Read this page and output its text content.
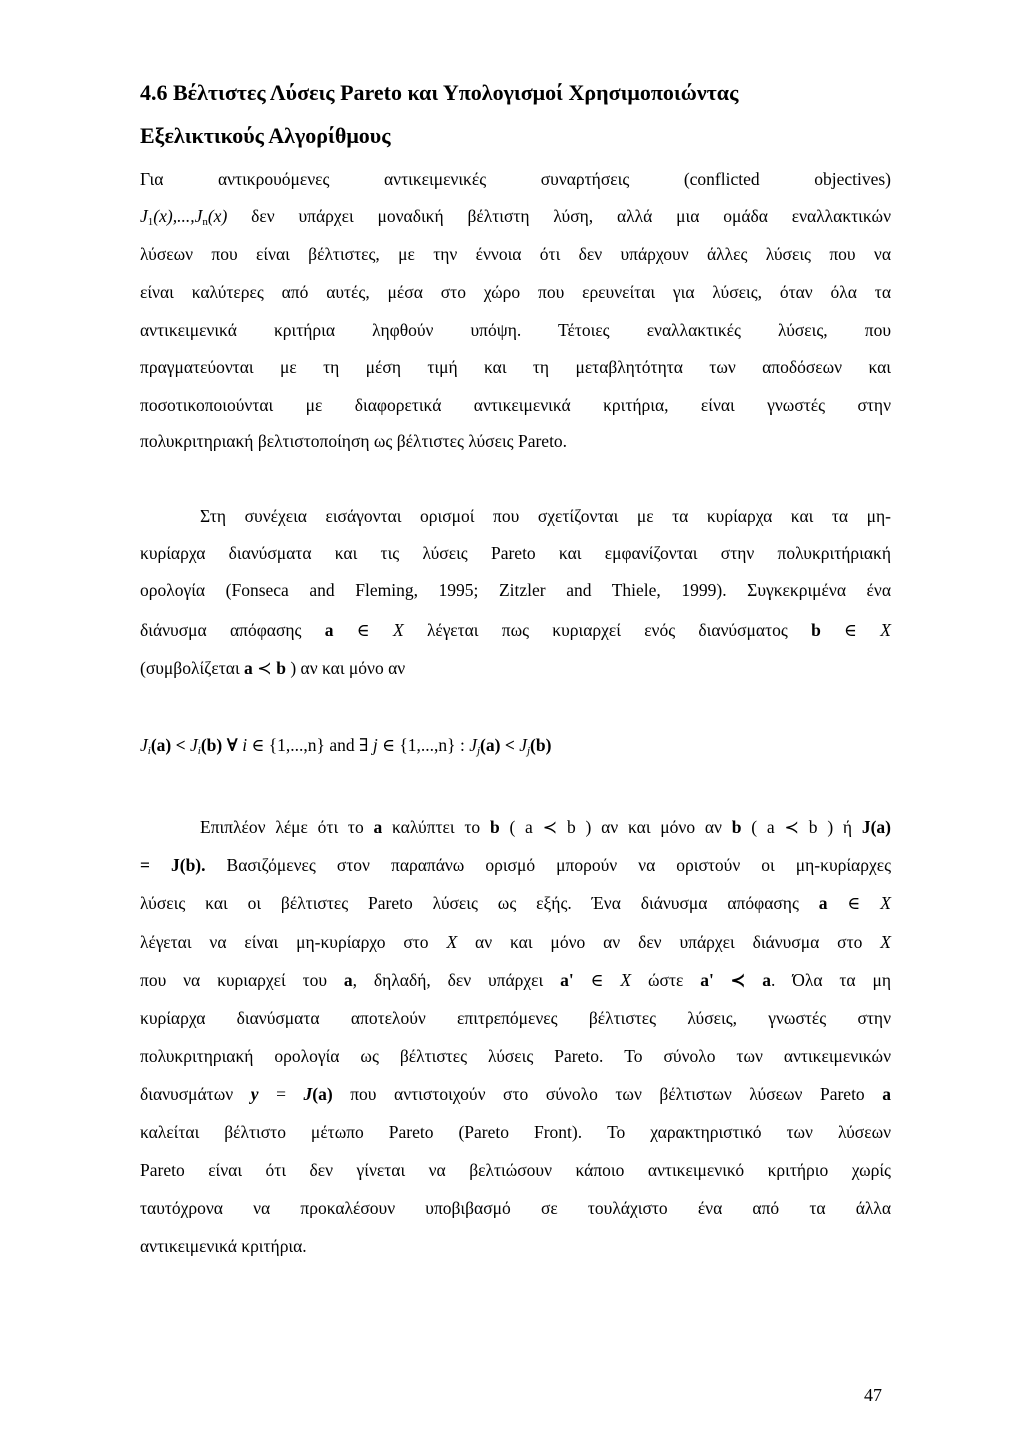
4.6 Βέλτιστες Λύσεις Pareto και Υπολογισμοί Χρησιμοποιώντας
Εξελικτικούς Αλγορίθμους
Για αντικρουόμενες αντικειμενικές συναρτήσεις (conflicted objectives)
$J_1(x),...,J_n(x)$ δεν υπάρχει μοναδική βέλτιστη λύση, αλλά μια ομάδα εναλλακτικών
λύσεων που είναι βέλτιστες, με την έννοια ότι δεν υπάρχουν άλλες λύσεις που να
είναι καλύτερες από αυτές, μέσα στο χώρο που ερευνείται για λύσεις, όταν όλα τα
αντικειμενικά κριτήρια ληφθούν υπόψη. Τέτοιες εναλλακτικές λύσεις, που
πραγματεύονται με τη μέση τιμή και τη μεταβλητότητα των αποδόσεων και
ποσοτικοποιούνται με διαφορετικά αντικειμενικά κριτήρια, είναι γνωστές στην
πολυκριτηριακή βελτιστοποίηση ως βέλτιστες λύσεις Pareto.
Στη συνέχεια εισάγονται ορισμοί που σχετίζονται με τα κυρίαρχα και τα μη-
κυρίαρχα διανύσματα και τις λύσεις Pareto και εμφανίζονται στην πολυκριτήριακή
ορολογία (Fonseca and Fleming, 1995; Zitzler and Thiele, 1999). Συγκεκριμένα ένα
διάνυσμα απόφασης a ∈ X λέγεται πως κυριαρχεί ενός διανύσματος b ∈ X
(συμβολίζεται a ≺ b ) αν και μόνο αν
$J_i(a) < J_i(b)$ ∀ i ∈ {1,...,n} and ∃ j ∈ {1,...,n} : $J_j(a) < J_j(b)$
Επιπλέον λέμε ότι το a καλύπτει το b ( a ≺ b ) αν και μόνο αν b ( a ≺ b ) ή J(a)
= J(b). Βασιζόμενες στον παραπάνω ορισμό μπορούν να οριστούν οι μη-κυρίαρχες
λύσεις και οι βέλτιστες Pareto λύσεις ως εξής. Ένα διάνυσμα απόφασης a ∈ X
λέγεται να είναι μη-κυρίαρχο στο X αν και μόνο αν δεν υπάρχει διάνυσμα στο X
που να κυριαρχεί του a, δηλαδή, δεν υπάρχει a' ∈ X ώστε a' ≺ a. Όλα τα μη
κυρίαρχα διανύσματα αποτελούν επιτρεπόμενες βέλτιστες λύσεις, γνωστές στην
πολυκριτηριακή ορολογία ως βέλτιστες λύσεις Pareto. Το σύνολο των αντικειμενικών
διανυσμάτων y = J(a) που αντιστοιχούν στο σύνολο των βέλτιστων λύσεων Pareto a
καλείται βέλτιστο μέτωπο Pareto (Pareto Front). Το χαρακτηριστικό των λύσεων
Pareto είναι ότι δεν γίνεται να βελτιώσουν κάποιο αντικειμενικό κριτήριο χωρίς
ταυτόχρονα να προκαλέσουν υποβιβασμό σε τουλάχιστο ένα από τα άλλα
αντικειμενικά κριτήρια.
47
